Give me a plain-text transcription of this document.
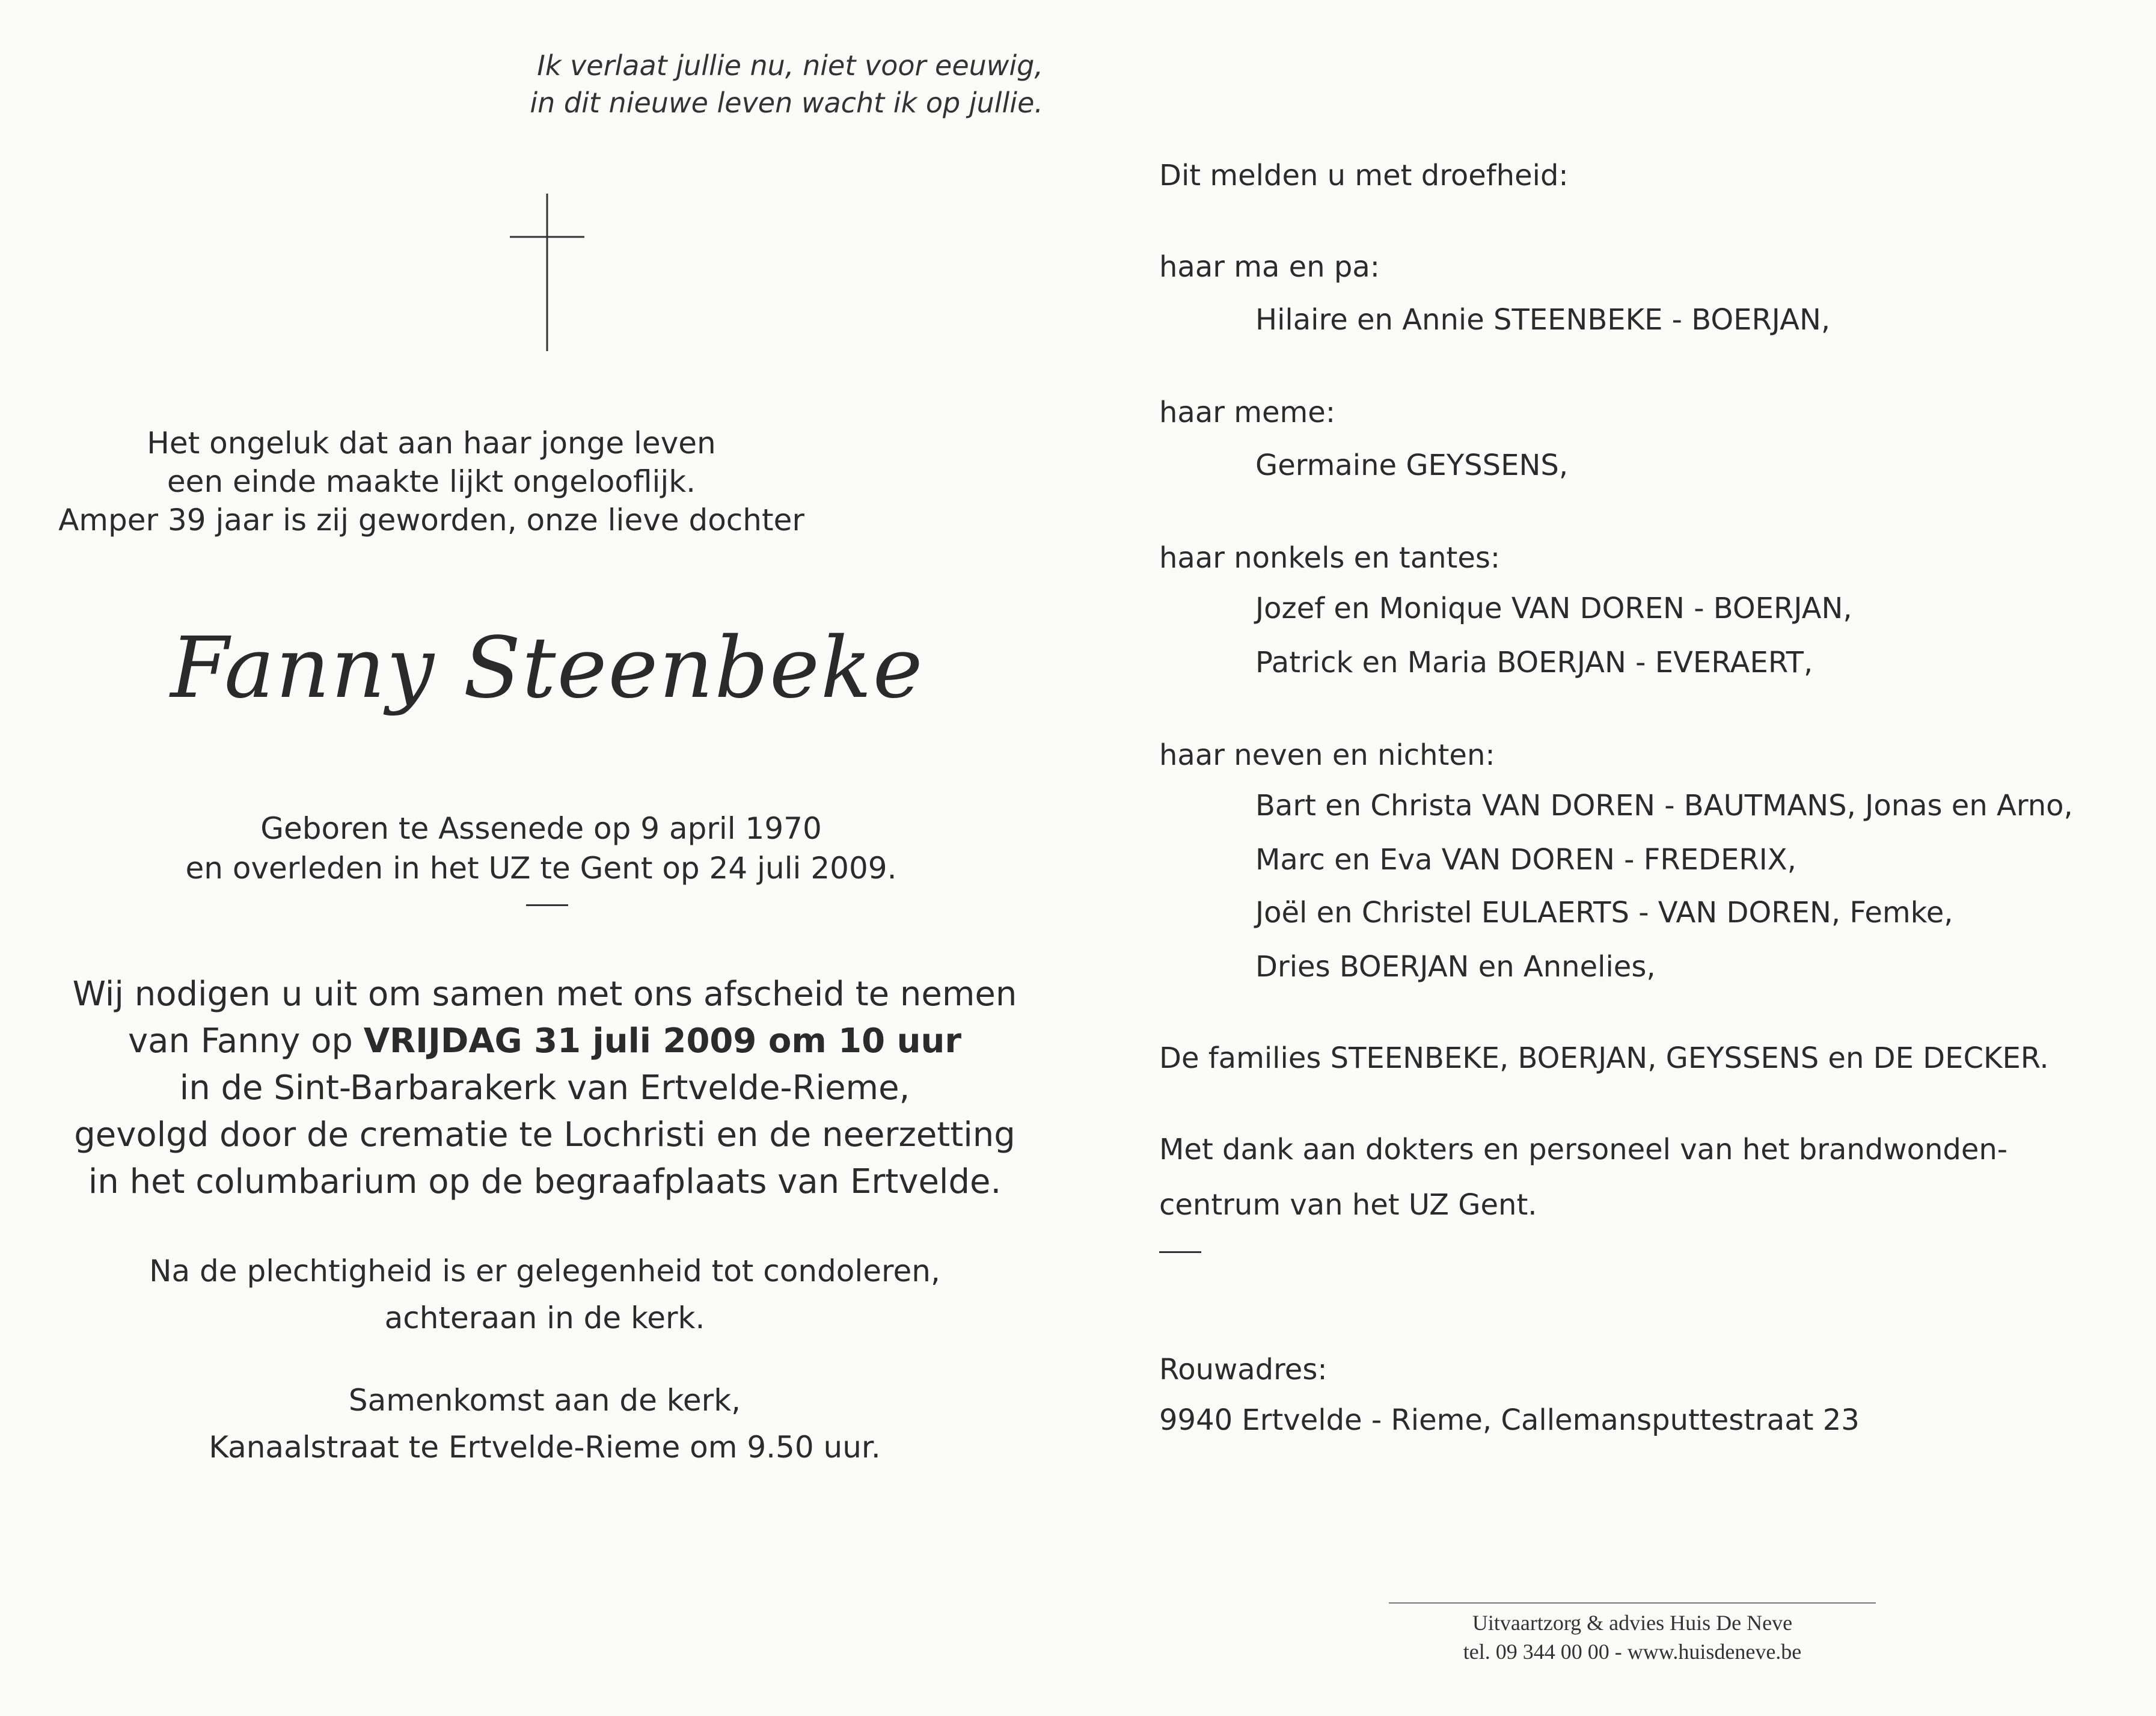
Ik verlaat jullie nu, niet voor eeuwig,
in dit nieuwe leven wacht ik op jullie.
Het ongeluk dat aan haar jonge leven
een einde maakte lijkt ongelooflijk.
Amper 39 jaar is zij geworden, onze lieve dochter
Fanny Steenbeke
Geboren te Assenede op 9 april 1970
en overleden in het UZ te Gent op 24 juli 2009.
Wij nodigen u uit om samen met ons afscheid te nemen
van Fanny op VRIJDAG 31 juli 2009 om 10 uur
in de Sint-Barbarakerk van Ertvelde-Rieme,
gevolgd door de crematie te Lochristi en de neerzetting
in het columbarium op de begraafplaats van Ertvelde.
Na de plechtigheid is er gelegenheid tot condoleren,
achteraan in de kerk.
Samenkomst aan de kerk,
Kanaalstraat te Ertvelde-Rieme om 9.50 uur.
Dit melden u met droefheid:
haar ma en pa:
Hilaire en Annie STEENBEKE - BOERJAN,
haar meme:
Germaine GEYSSENS,
haar nonkels en tantes:
Jozef en Monique VAN DOREN - BOERJAN,
Patrick en Maria BOERJAN - EVERAERT,
haar neven en nichten:
Bart en Christa VAN DOREN - BAUTMANS, Jonas en Arno,
Marc en Eva VAN DOREN - FREDERIX,
Joël en Christel EULAERTS - VAN DOREN, Femke,
Dries BOERJAN en Annelies,
De families STEENBEKE, BOERJAN, GEYSSENS en DE DECKER.
Met dank aan dokters en personeel van het brandwonden-
centrum van het UZ Gent.
Rouwadres:
9940 Ertvelde - Rieme, Callemansputtestraat 23
Uitvaartzorg & advies Huis De Neve
tel. 09 344 00 00 - www.huisdeneve.be
